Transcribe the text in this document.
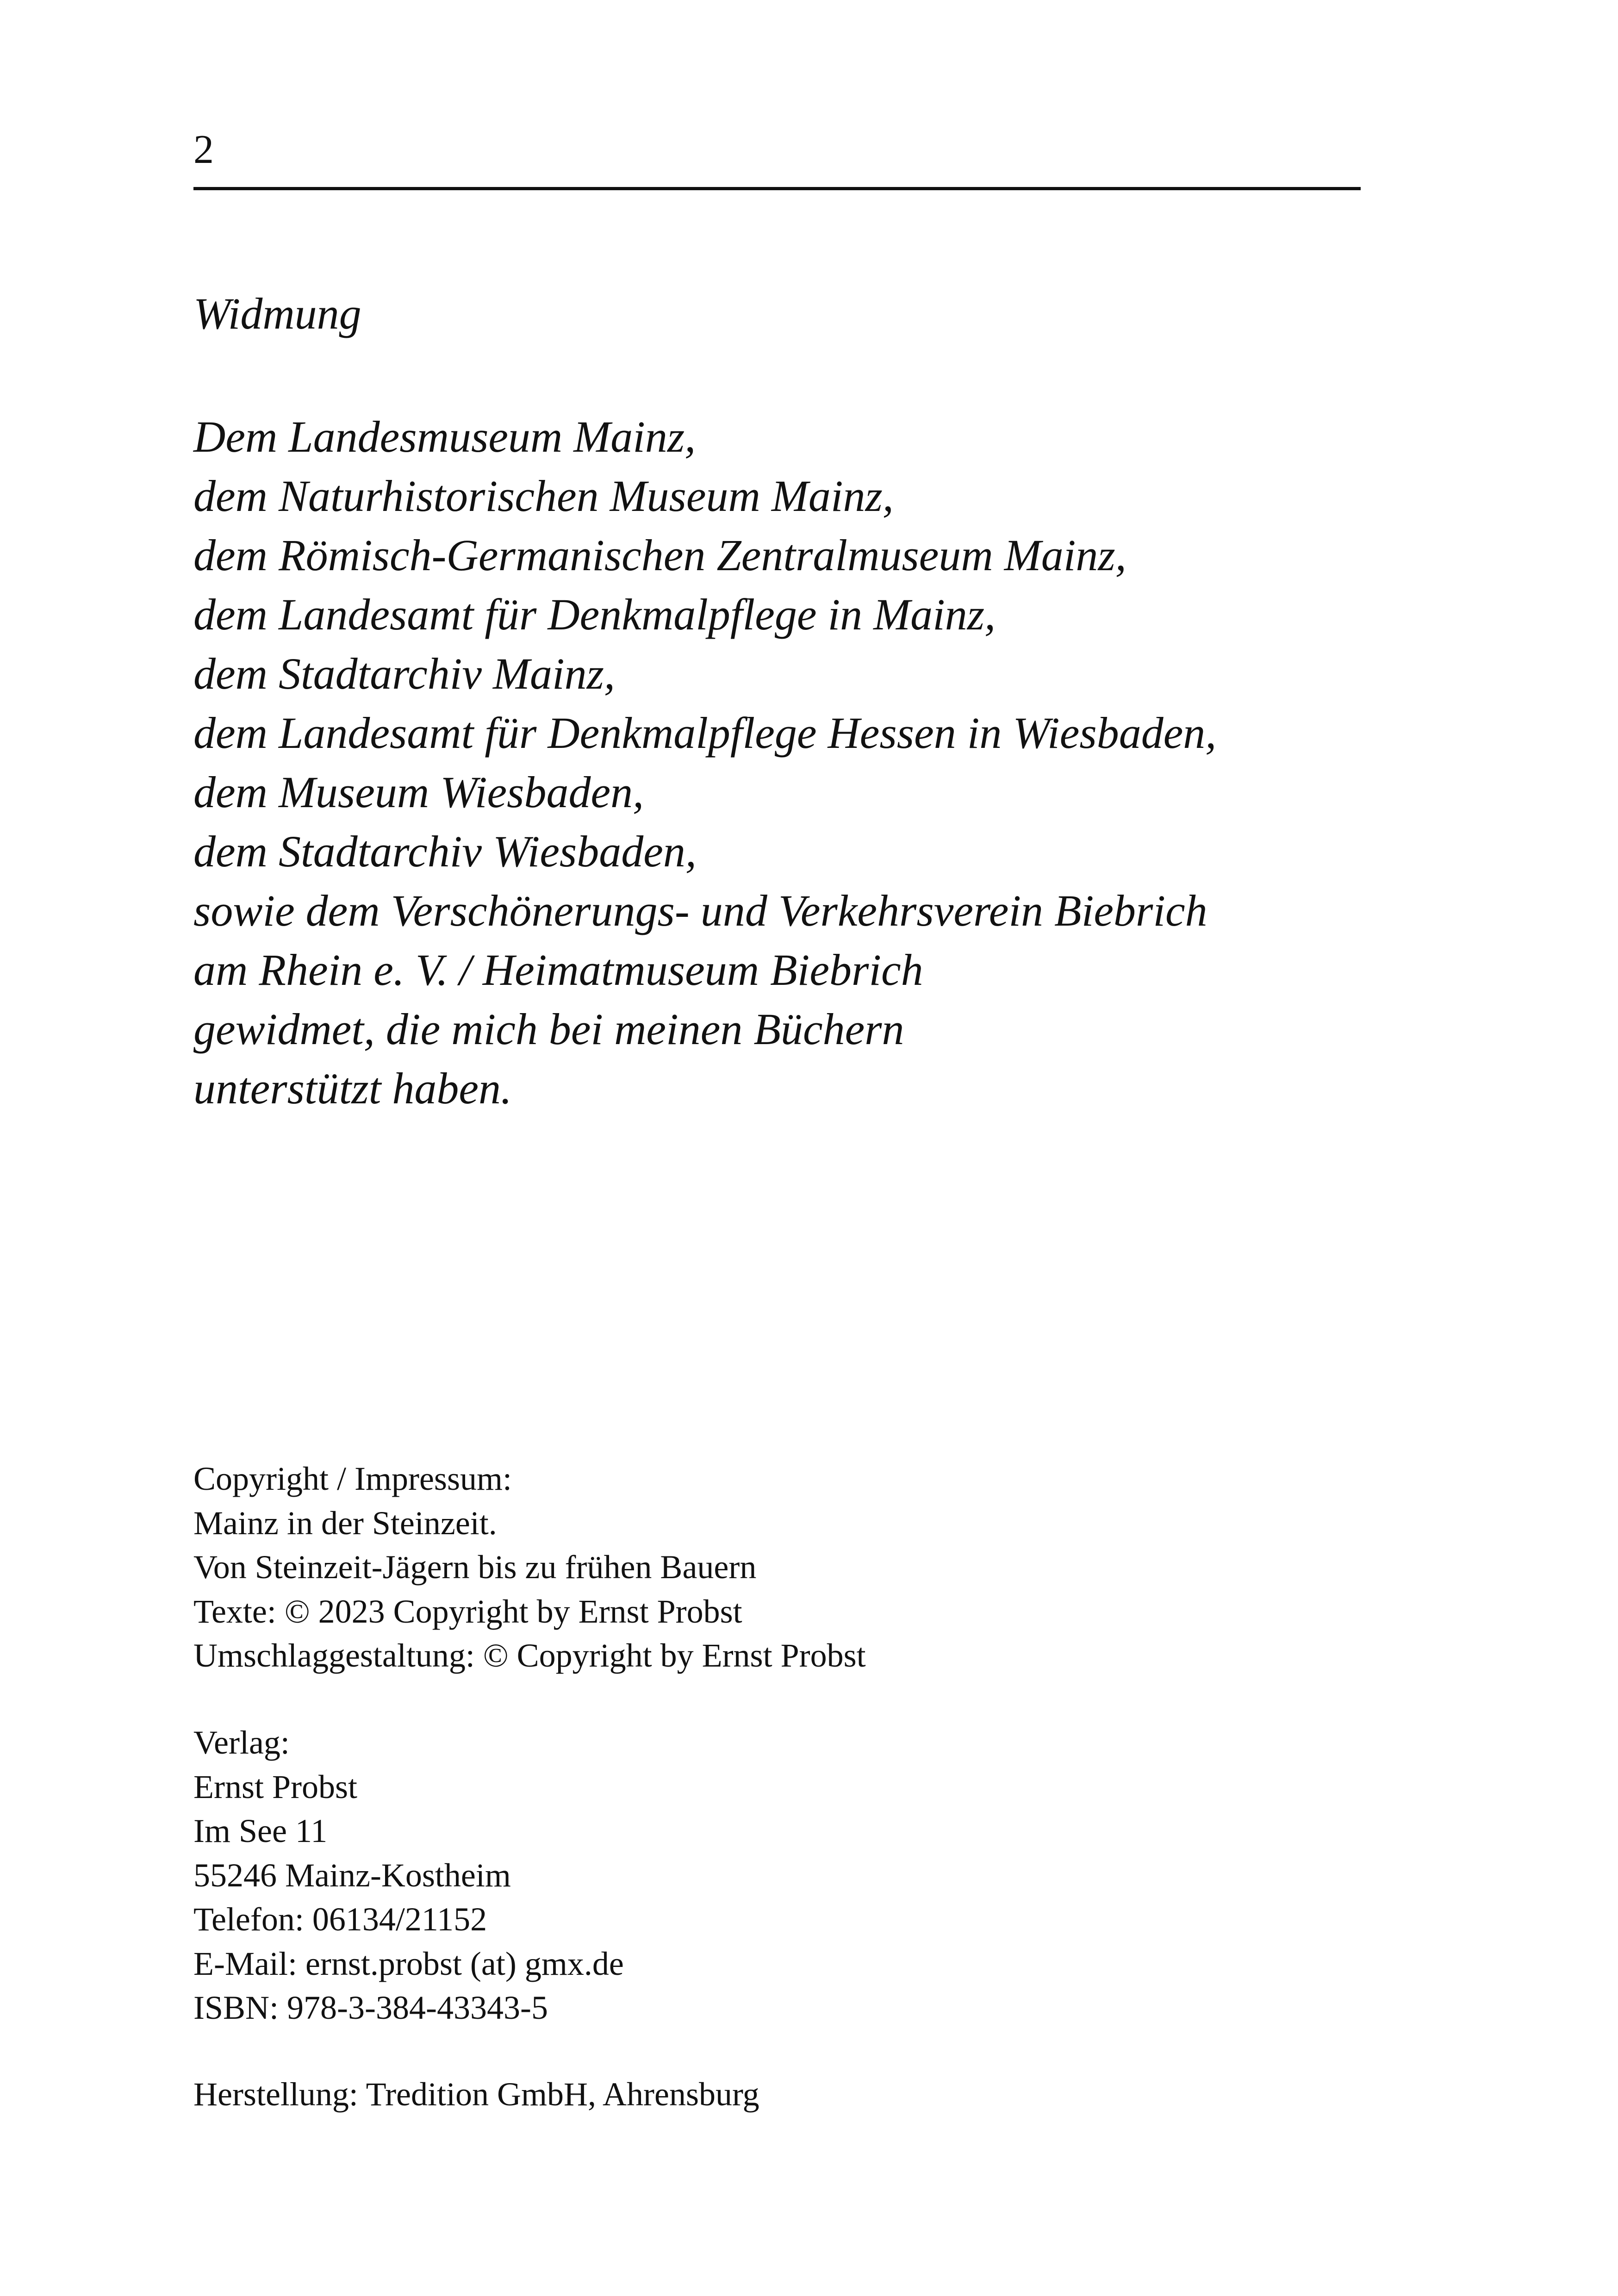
2
Widmung
Dem Landesmuseum Mainz,
dem Naturhistorischen Museum Mainz,
dem Römisch-Germanischen Zentralmuseum Mainz,
dem Landesamt für Denkmalpflege in Mainz,
dem Stadtarchiv Mainz,
dem Landesamt für Denkmalpflege Hessen in Wiesbaden,
dem Museum Wiesbaden,
dem Stadtarchiv Wiesbaden,
sowie dem Verschönerungs- und Verkehrsverein Biebrich
am Rhein e. V. / Heimatmuseum Biebrich
gewidmet, die mich bei meinen Büchern
unterstützt haben.
Copyright / Impressum:
Mainz in der Steinzeit.
Von Steinzeit-Jägern bis zu frühen Bauern
Texte: © 2023 Copyright by Ernst Probst
Umschlaggestaltung: © Copyright by Ernst Probst
Verlag:
Ernst Probst
Im See 11
55246 Mainz-Kostheim
Telefon: 06134/21152
E-Mail: ernst.probst (at) gmx.de
ISBN: 978-3-384-43343-5
Herstellung: Tredition GmbH, Ahrensburg
